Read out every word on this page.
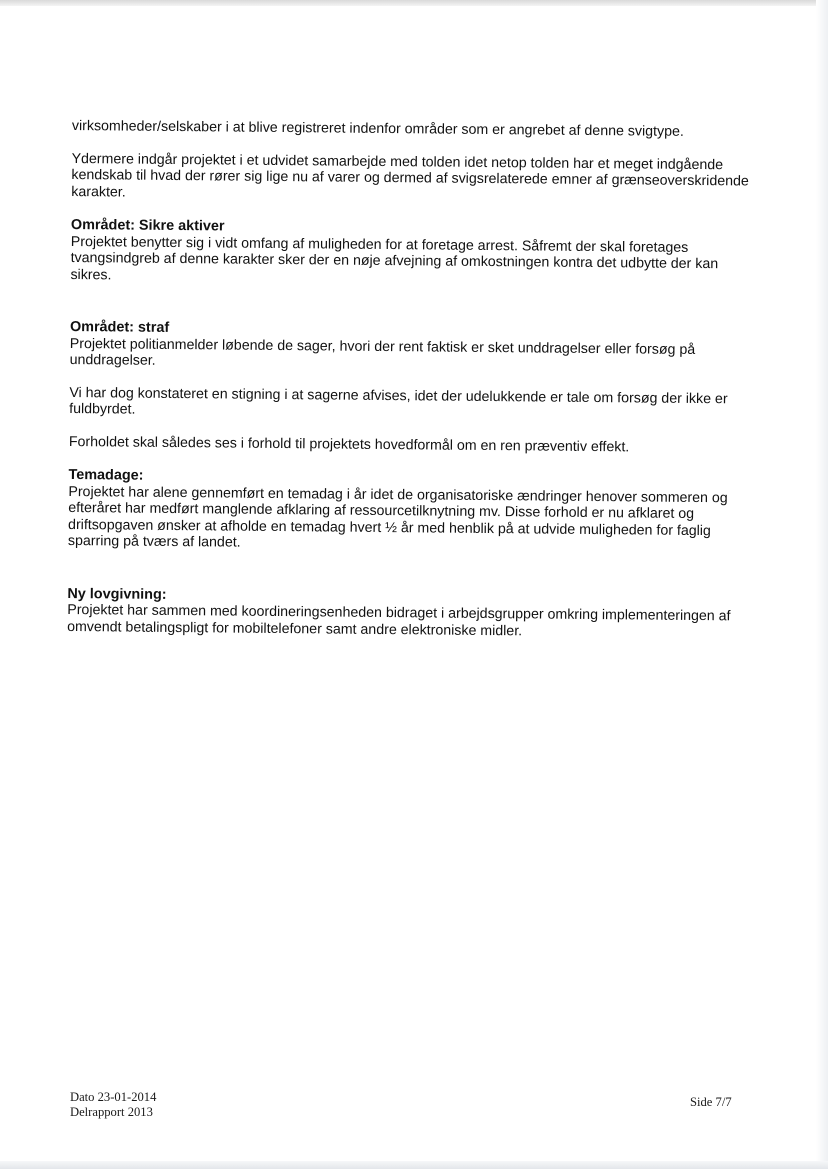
virksomheder/selskaber i at blive registreret indenfor områder som er angrebet af denne svigtype.

Ydermere indgår projektet i et udvidet samarbejde med tolden idet netop tolden har et meget indgående kendskab til hvad der rører sig lige nu af varer og dermed af svigsrelaterede emner af grænseoverskridende karakter.

Området: Sikre aktiver

Projektet benytter sig i vidt omfang af muligheden for at foretage arrest. Såfremt der skal foretages tvangsindgreb af denne karakter sker der en nøje afvejning af omkostningen kontra det udbytte der kan sikres.

Området: straf

Projektet politianmelder løbende de sager, hvori der rent faktisk er sket unddragelser eller forsøg på unddragelser.

Vi har dog konstateret en stigning i at sagerne afvises, idet der udelukkende er tale om forsøg der ikke er fuldbyrdet.

Forholdet skal således ses i forhold til projektets hovedformål om en ren præventiv effekt.

Temadage:

Projektet har alene gennemført en temadag i år idet de organisatoriske ændringer henover sommeren og efteråret har medført manglende afklaring af ressourcetilknytning mv. Disse forhold er nu afklaret og driftsopgaven ønsker at afholde en temadag hvert ½ år med henblik på at udvide muligheden for faglig sparring på tværs af landet.

Ny lovgivning:

Projektet har sammen med koordineringsenheden bidraget i arbejdsgrupper omkring implementeringen af omvendt betalingspligt for mobiltelefoner samt andre elektroniske midler.

Dato 23-01-2014
Delrapport 2013
Side 7/7
